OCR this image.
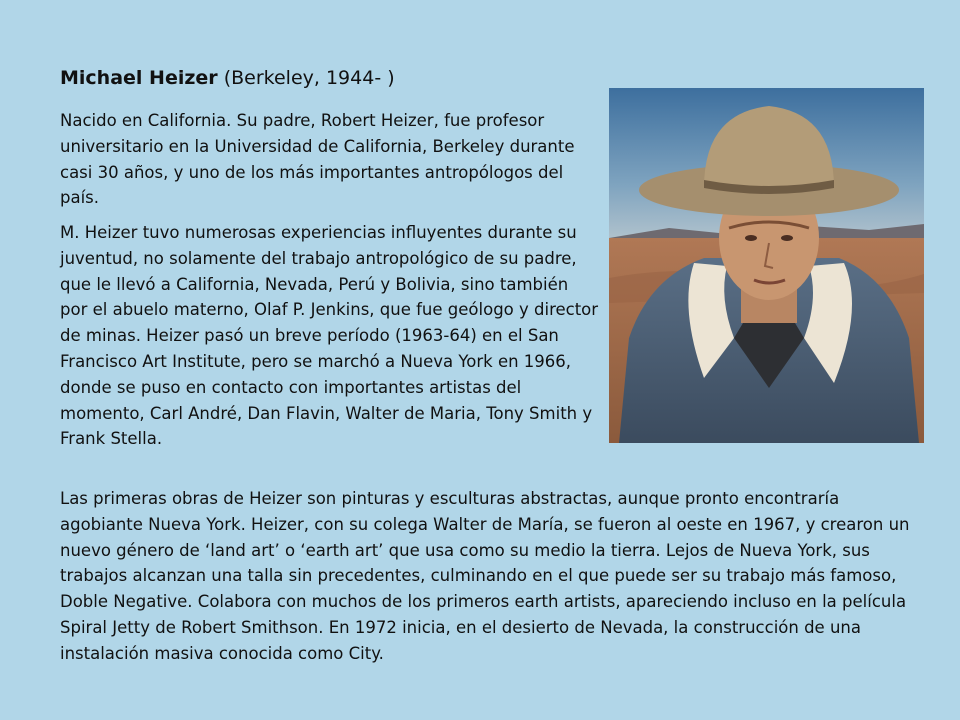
Michael Heizer (Berkeley, 1944- )

Nacido en California. Su padre, Robert Heizer, fue profesor universitario en la Universidad de California, Berkeley durante casi 30 años, y uno de los más importantes antropólogos del país.

M. Heizer tuvo numerosas experiencias influyentes durante su juventud, no solamente del trabajo antropológico de su padre, que le llevó a California, Nevada, Perú y Bolivia, sino también por el abuelo materno, Olaf P. Jenkins, que fue geólogo y director de minas. Heizer pasó un breve período (1963-64) en el San Francisco Art Institute, pero se marchó a Nueva York en 1966, donde se puso en contacto con importantes artistas del momento, Carl André, Dan Flavin, Walter de Maria, Tony Smith y Frank Stella.

Las primeras obras de Heizer son pinturas y esculturas abstractas, aunque pronto encontraría agobiante Nueva York. Heizer, con su colega Walter de María, se fueron al oeste en 1967, y crearon un nuevo género de ‘land art’ o ‘earth art’ que usa como su medio la tierra. Lejos de Nueva York, sus trabajos alcanzan una talla sin precedentes, culminando en el que puede ser su trabajo más famoso, Doble Negative. Colabora con muchos de los primeros earth artists, apareciendo incluso en la película Spiral Jetty de Robert Smithson. En 1972 inicia, en el desierto de Nevada, la construcción de una instalación masiva conocida como City.
